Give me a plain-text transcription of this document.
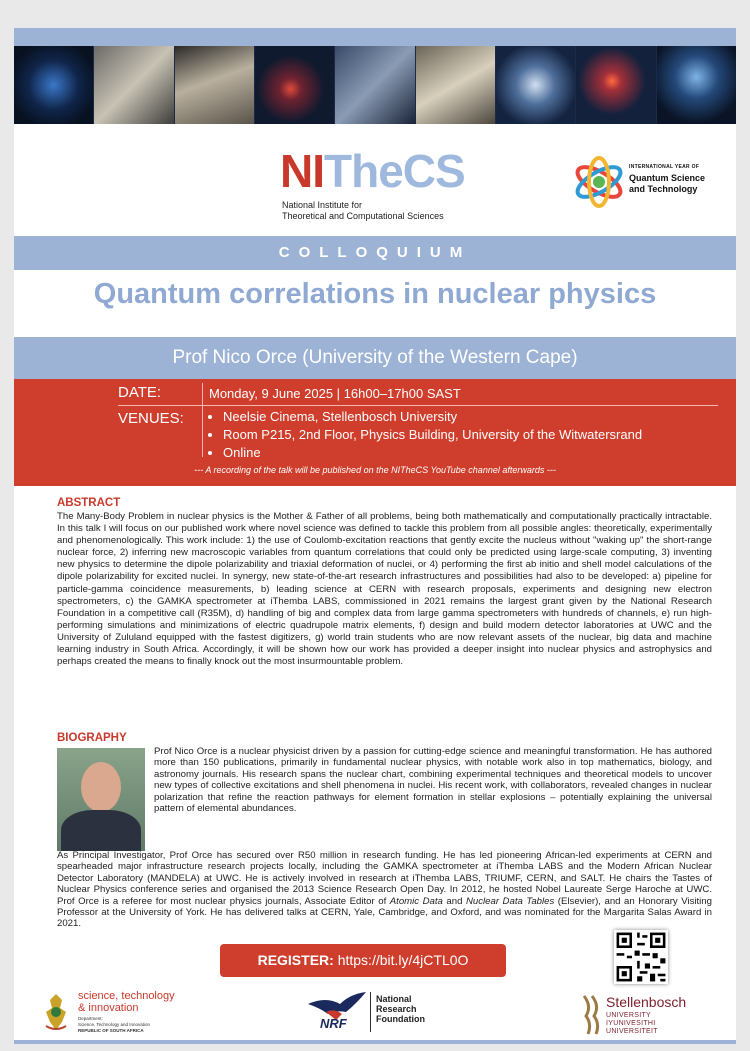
NITheCS
National Institute for
Theoretical and Computational Sciences
INTERNATIONAL YEAR OF
Quantum Science
and Technology
COLLOQUIUM
Quantum correlations in nuclear physics
Prof Nico Orce (University of the Western Cape)
DATE:	Monday, 9 June 2025 | 16h00–17h00 SAST
VENUES:
•	Neelsie Cinema, Stellenbosch University
• Room P215, 2nd Floor, Physics Building, University of the Witwatersrand
• Online
--- A recording of the talk will be published on the NITheCS YouTube channel afterwards ---
ABSTRACT
The Many-Body Problem in nuclear physics is the Mother & Father of all problems, being both mathematically and computationally practically intractable. In this talk I will focus on our published work where novel science was defined to tackle this problem from all possible angles: theoretically, experimentally and phenomenologically. This work include: 1) the use of Coulomb-excitation reactions that gently excite the nucleus without "waking up" the short-range nuclear force, 2) inferring new macroscopic variables from quantum correlations that could only be predicted using large-scale computing, 3) inventing new physics to determine the dipole polarizability and triaxial deformation of nuclei, or 4) performing the first ab initio and shell model calculations of the dipole polarizability for excited nuclei. In synergy, new state-of-the-art research infrastructures and possibilities had also to be developed: a) pipeline for particle-gamma coincidence measurements, b) leading science at CERN with research proposals, experiments and designing new electron spectrometers, c) the GAMKA spectrometer at iThemba LABS, commissioned in 2021 remains the largest grant given by the National Research Foundation in a competitive call (R35M), d) handling of big and complex data from large gamma spectrometers with hundreds of channels, e) run high-performing simulations and minimizations of electric quadrupole matrix elements, f) design and build modern detector laboratories at UWC and the University of Zululand equipped with the fastest digitizers, g) world train students who are now relevant assets of the nuclear, big data and machine learning industry in South Africa. Accordingly, it will be shown how our work has provided a deeper insight into nuclear physics and astrophysics and perhaps created the means to finally knock out the most insurmountable problem.
BIOGRAPHY
Prof Nico Orce is a nuclear physicist driven by a passion for cutting-edge science and meaningful transformation. He has authored more than 150 publications, primarily in fundamental nuclear physics, with notable work also in top mathematics, biology, and astronomy journals. His research spans the nuclear chart, combining experimental techniques and theoretical models to uncover new types of collective excitations and shell phenomena in nuclei. His recent work, with collaborators, revealed changes in nuclear polarization that refine the reaction pathways for element formation in stellar explosions – potentially explaining the universal pattern of elemental abundances.
As Principal Investigator, Prof Orce has secured over R50 million in research funding. He has led pioneering African-led experiments at CERN and spearheaded major infrastructure research projects locally, including the GAMKA spectrometer at iThemba LABS and the Modern African Nuclear Detector Laboratory (MANDELA) at UWC. He is actively involved in research at iThemba LABS, TRIUMF, CERN, and SALT. He chairs the Tastes of Nuclear Physics conference series and organised the 2013 Science Research Open Day. In 2012, he hosted Nobel Laureate Serge Haroche at UWC. Prof Orce is a referee for most nuclear physics journals, Associate Editor of Atomic Data and Nuclear Data Tables (Elsevier), and an Honorary Visiting Professor at the University of York. He has delivered talks at CERN, Yale, Cambridge, and Oxford, and was nominated for the Margarita Salas Award in 2021.
REGISTER: https://bit.ly/4jCTL0O
science, technology
& innovation
Department:
Science, Technology and Innovation
REPUBLIC OF SOUTH AFRICA	NRF
National
Research
Foundation
Stellenbosch
UNIVERSITY
IYUNIVESITHI
UNIVERSITEIT
